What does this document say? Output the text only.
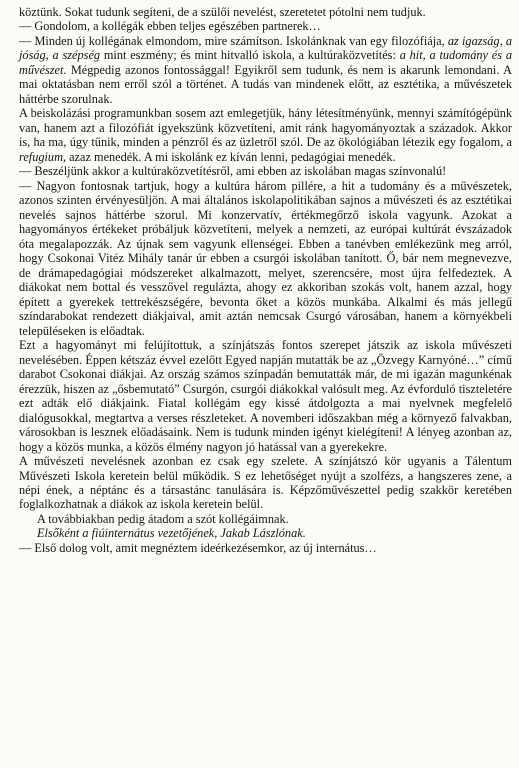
köztünk. Sokat tudunk segíteni, de a szülői nevelést, szeretetet pótolni nem tudjuk.

— Gondolom, a kollégák ebben teljes egészében partnerek…

— Minden új kollégának elmondom, mire számítson. Iskolánknak van egy filozófiája, az igazság, a jóság, a szépség mint eszmény; és mint hitvalló iskola, a kultúraközvetítés: a hit, a tudomány és a művészet. Mégpedig azonos fontossággal! Egyikről sem tudunk, és nem is akarunk lemondani. A mai oktatásban nem erről szól a történet. A tudás van mindenek előtt, az esztétika, a művészetek háttérbe szorulnak.

A beiskolázási programunkban sosem azt emlegetjük, hány létesítményünk, mennyi számítógépünk van, hanem azt a filozófiát igyekszünk közvetíteni, amit ránk hagyományoztak a századok. Akkor is, ha ma, úgy tűnik, minden a pénzről és az üzletről szól. De az ökológiában létezik egy fogalom, a refugium, azaz menedék. A mi iskolánk ez kíván lenni, pedagógiai menedék.

— Beszéljünk akkor a kultúraközvetítésről, ami ebben az iskolában magas színvonalú!

— Nagyon fontosnak tartjuk, hogy a kultúra három pillére, a hit a tudomány és a művészetek, azonos szinten érvényesüljön. A mai általános iskolapolitikában sajnos a művészeti és az esztétikai nevelés sajnos háttérbe szorul. Mi konzervatív, értékmegőrző iskola vagyunk. Azokat a hagyományos értékeket próbáljuk közvetíteni, melyek a nemzeti, az európai kultúrát évszázadok óta megalapozzák. Az újnak sem vagyunk ellenségei. Ebben a tanévben emlékezünk meg arról, hogy Csokonai Vitéz Mihály tanár úr ebben a csurgói iskolában tanított. Ő, bár nem megnevezve, de drámapedagógiai módszereket alkalmazott, melyet, szerencsére, most újra felfedeztek. A diákokat nem bottal és vesszővel regulázta, ahogy ez akkoriban szokás volt, hanem azzal, hogy épített a gyerekek tettrekészségére, bevonta őket a közös munkába. Alkalmi és más jellegű színdarabokat rendezett diákjaival, amit aztán nemcsak Csurgó városában, hanem a környékbeli településeken is előadtak.

Ezt a hagyományt mi felújítottuk, a színjátszás fontos szerepet játszik az iskola művészeti nevelésében. Éppen kétszáz évvel ezelőtt Egyed napján mutatták be az „Özvegy Karnyóné…” című darabot Csokonai diákjai. Az ország számos színpadán bemutatták már, de mi igazán magunkénak érezzük, hiszen az „ősbemutató” Csurgón, csurgói diákokkal valósult meg. Az évforduló tiszteletére ezt adták elő diákjaink. Fiatal kollégám egy kissé átdolgozta a mai nyelvnek megfelelő dialógusokkal, megtartva a verses részleteket. A novemberi időszakban még a környező falvakban, városokban is lesznek előadásaink. Nem is tudunk minden igényt kielégíteni! A lényeg azonban az, hogy a közös munka, a közös élmény nagyon jó hatással van a gyerekekre.

A művészeti nevelésnek azonban ez csak egy szelete. A színjátszó kör ugyanis a Tálentum Művészeti Iskola keretein belül működik. S ez lehetőséget nyújt a szolfézs, a hangszeres zene, a népi ének, a néptánc és a társastánc tanulására is. Képzőművészettel pedig szakkör keretében foglalkozhatnak a diákok az iskola keretein belül.

A továbbiakban pedig átadom a szót kollégáimnak.

Elsőként a fiúinternátus vezetőjének, Jakab Lászlónak.

— Első dolog volt, amit megnéztem ideérkezésemkor, az új internátus…
